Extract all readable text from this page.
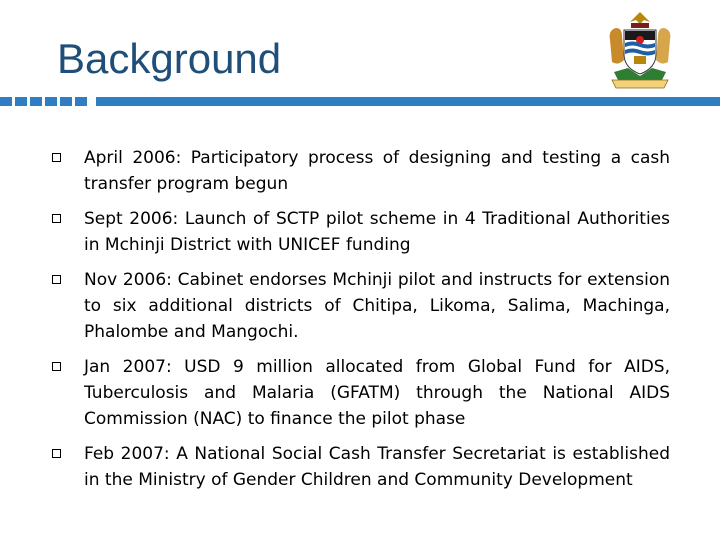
Background
April 2006: Participatory process of designing and testing a cash transfer program begun
Sept 2006: Launch of SCTP pilot scheme in 4 Traditional Authorities in Mchinji District with UNICEF funding
Nov 2006: Cabinet endorses Mchinji pilot and instructs for extension to six additional districts of Chitipa, Likoma, Salima, Machinga, Phalombe and Mangochi.
Jan 2007: USD 9 million allocated from Global Fund for AIDS, Tuberculosis and Malaria (GFATM) through the National AIDS Commission (NAC) to finance the pilot phase
Feb 2007: A National Social Cash Transfer Secretariat is established in the Ministry of Gender Children and Community Development
